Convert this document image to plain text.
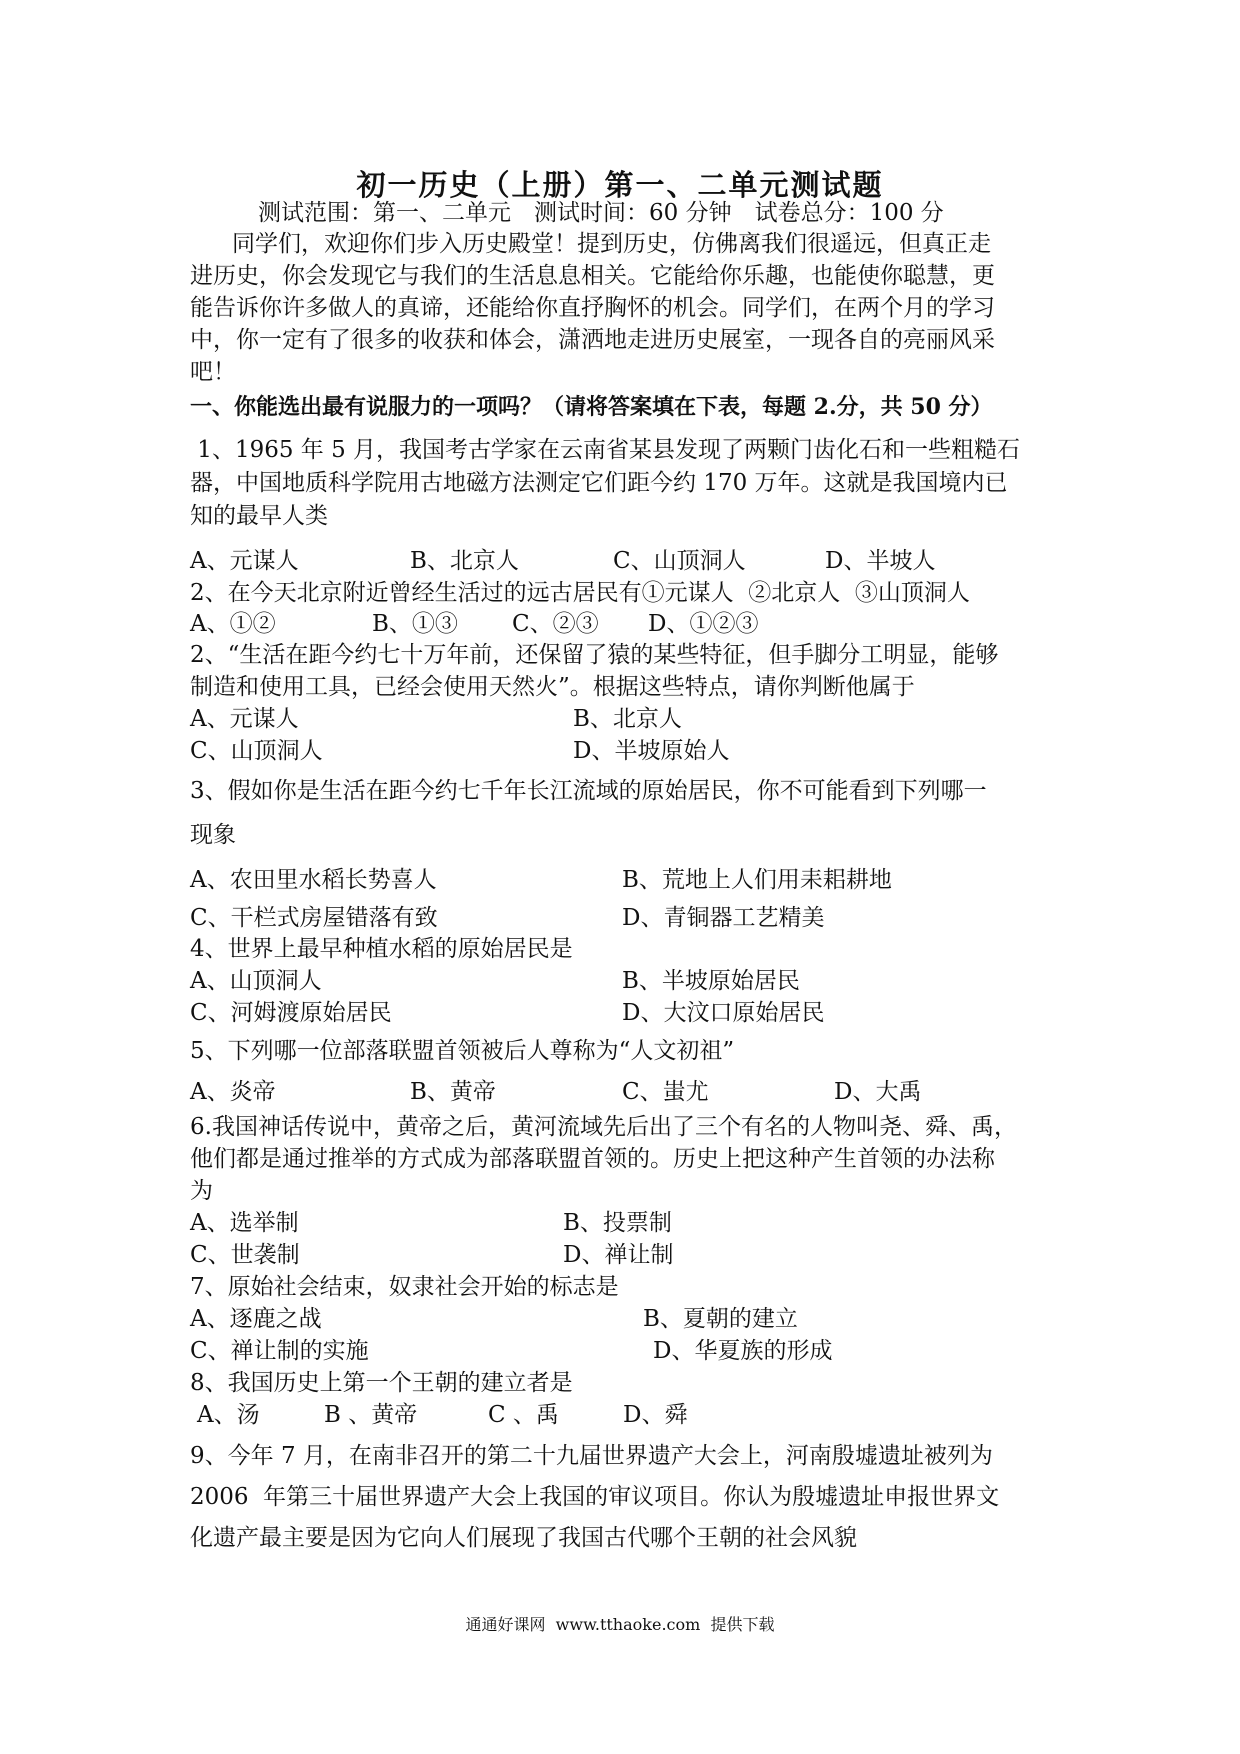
初一历史（上册）第一、二单元测试题
测试范围：第一、二单元　测试时间：60 分钟　试卷总分：100 分
同学们，欢迎你们步入历史殿堂！提到历史，仿佛离我们很遥远，但真正走
进历史，你会发现它与我们的生活息息相关。它能给你乐趣，也能使你聪慧，更
能告诉你许多做人的真谛，还能给你直抒胸怀的机会。同学们，在两个月的学习
中，你一定有了很多的收获和体会，潇洒地走进历史展室，一现各自的亮丽风采
吧！
一、你能选出最有说服力的一项吗？（请将答案填在下表，每题 2.分，共 50 分）
1、1965 年 5 月，我国考古学家在云南省某县发现了两颗门齿化石和一些粗糙石
器，中国地质科学院用古地磁方法测定它们距今约 170 万年。这就是我国境内已
知的最早人类
A、元谋人	B、北京人	C、山顶洞人	D、半坡人
2、在今天北京附近曾经生活过的远古居民有①元谋人  ②北京人  ③山顶洞人
A、①②	B、①③ C、②③ D、①②③
2、“生活在距今约七十万年前，还保留了猿的某些特征，但手脚分工明显，能够
制造和使用工具，已经会使用天然火”。根据这些特点，请你判断他属于
A、元谋人	B、北京人
C、山顶洞人	D、半坡原始人
3、假如你是生活在距今约七千年长江流域的原始居民，你不可能看到下列哪一
现象
A、农田里水稻长势喜人	B、荒地上人们用耒耜耕地
C、干栏式房屋错落有致	D、青铜器工艺精美
4、世界上最早种植水稻的原始居民是
A、山顶洞人	B、半坡原始居民
C、河姆渡原始居民	D、大汶口原始居民
5、下列哪一位部落联盟首领被后人尊称为“人文初祖”
A、炎帝	B、黄帝	C、蚩尤	D、大禹
6.我国神话传说中，黄帝之后，黄河流域先后出了三个有名的人物叫尧、舜、禹，
他们都是通过推举的方式成为部落联盟首领的。历史上把这种产生首领的办法称
为
A、选举制	B、投票制
C、世袭制	D、禅让制
7、原始社会结束，奴隶社会开始的标志是
A、逐鹿之战	B、夏朝的建立
C、禅让制的实施	D、华夏族的形成
8、我国历史上第一个王朝的建立者是
A、汤	B 、黄帝	C 、禹	D、舜
9、今年 7 月，在南非召开的第二十九届世界遗产大会上，河南殷墟遗址被列为
2006  年第三十届世界遗产大会上我国的审议项目。你认为殷墟遗址申报世界文
化遗产最主要是因为它向人们展现了我国古代哪个王朝的社会风貌
通通好课网  www.tthaoke.com  提供下载
